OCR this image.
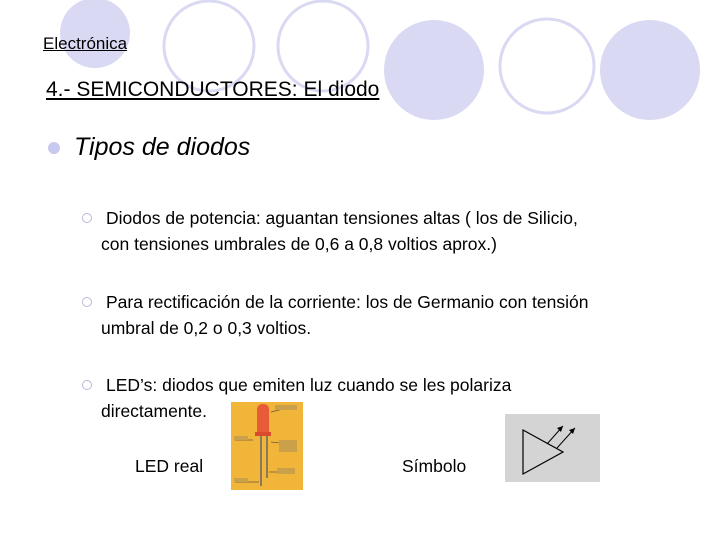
Electrónica
4.- SEMICONDUCTORES: El diodo
Tipos de diodos
Diodos de potencia: aguantan tensiones altas ( los de Silicio,
con tensiones umbrales de 0,6 a 0,8 voltios aprox.)
Para rectificación de la corriente: los de Germanio con tensión
umbral de 0,2 o 0,3 voltios.
LED’s: diodos que emiten luz cuando se les polariza
directamente.
LED real	Símbolo
